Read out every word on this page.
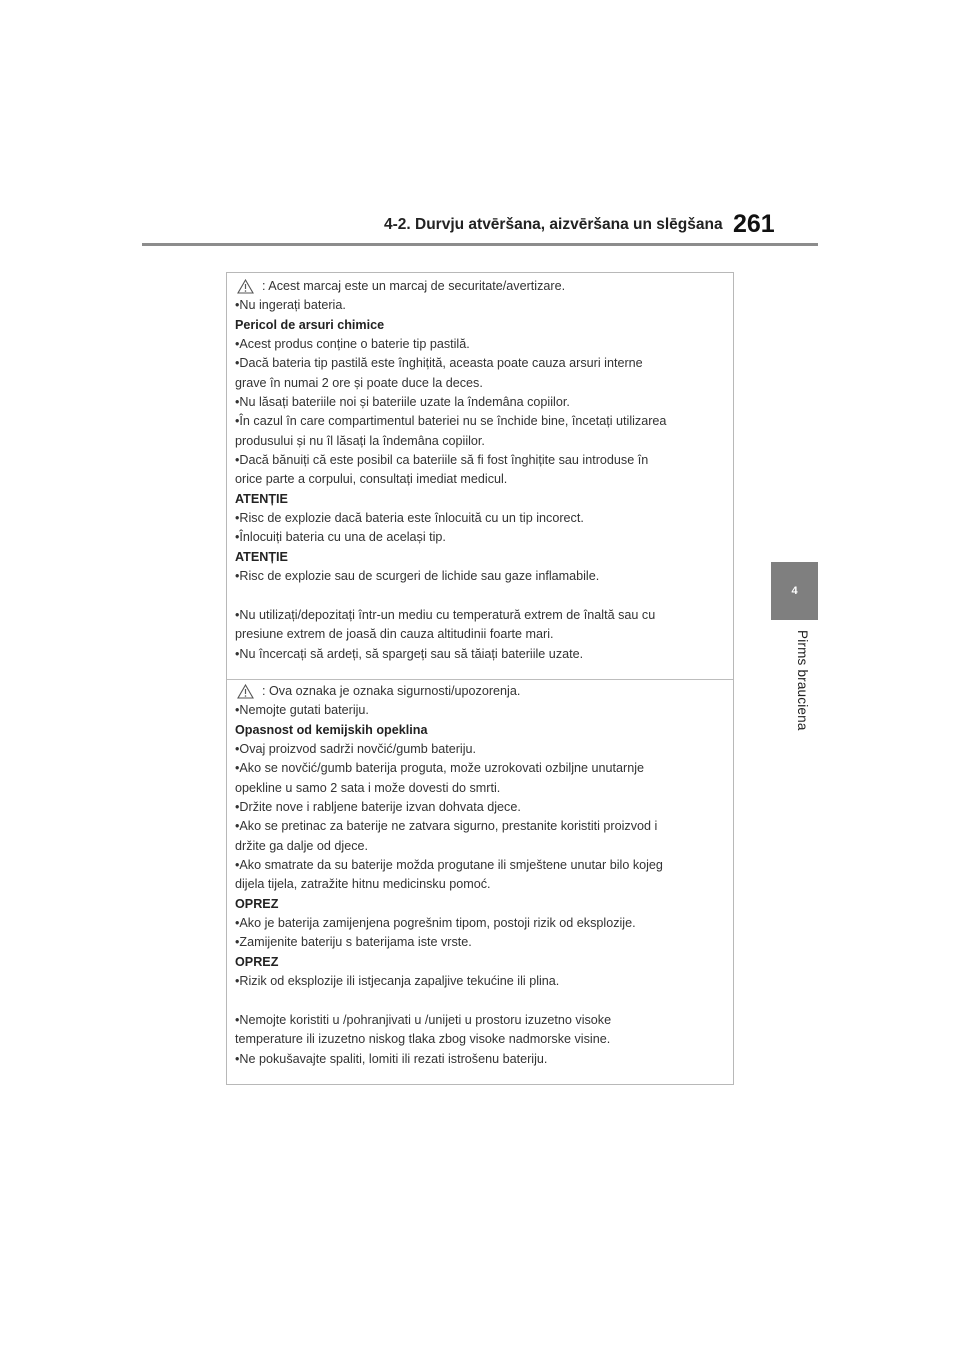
4-2. Durvju atvēršana, aizvēršana un slēgšana 261
4
Pirms braucienа
: Acest marcaj este un marcaj de securitate/avertizare.
•Nu ingerați bateria.
Pericol de arsuri chimice
•Acest produs conține o baterie tip pastilă.
•Dacă bateria tip pastilă este înghițită, aceasta poate cauza arsuri interne
grave în numai 2 ore și poate duce la deces.
•Nu lăsați bateriile noi și bateriile uzate la îndemâna copiilor.
•În cazul în care compartimentul bateriei nu se închide bine, încetați utilizarea
produsului și nu îl lăsați la îndemâna copiilor.
•Dacă bănuiți că este posibil ca bateriile să fi fost înghițite sau introduse în
orice parte a corpului, consultați imediat medicul.
ATENȚIE
•Risc de explozie dacă bateria este înlocuită cu un tip incorect.
•Înlocuiți bateria cu una de același tip.
ATENȚIE
•Risc de explozie sau de scurgeri de lichide sau gaze inflamabile.
•Nu utilizați/depozitați într-un mediu cu temperatură extrem de înaltă sau cu
presiune extrem de joasă din cauza altitudinii foarte mari.
•Nu încercați să ardeți, să spargeți sau să tăiați bateriile uzate.
: Ova oznaka je oznaka sigurnosti/upozorenja.
•Nemojte gutati bateriju.
Opasnost od kemijskih opeklina
•Ovaj proizvod sadrži novčić/gumb bateriju.
•Ako se novčić/gumb baterija proguta, može uzrokovati ozbiljne unutarnje
opekline u samo 2 sata i može dovesti do smrti.
•Držite nove i rabljene baterije izvan dohvata djece.
•Ako se pretinac za baterije ne zatvara sigurno, prestanite koristiti proizvod i
držite ga dalje od djece.
•Ako smatrate da su baterije možda progutane ili smještene unutar bilo kojeg
dijela tijela, zatražite hitnu medicinsku pomoć.
OPREZ
•Ako je baterija zamijenjena pogrešnim tipom, postoji rizik od eksplozije.
•Zamijenite bateriju s baterijama iste vrste.
OPREZ
•Rizik od eksplozije ili istjecanja zapaljive tekućine ili plina.
•Nemojte koristiti u /pohranjivati u /unijeti u prostoru izuzetno visoke
temperature ili izuzetno niskog tlaka zbog visoke nadmorske visine.
•Ne pokušavajte spaliti, lomiti ili rezati istrošenu bateriju.
